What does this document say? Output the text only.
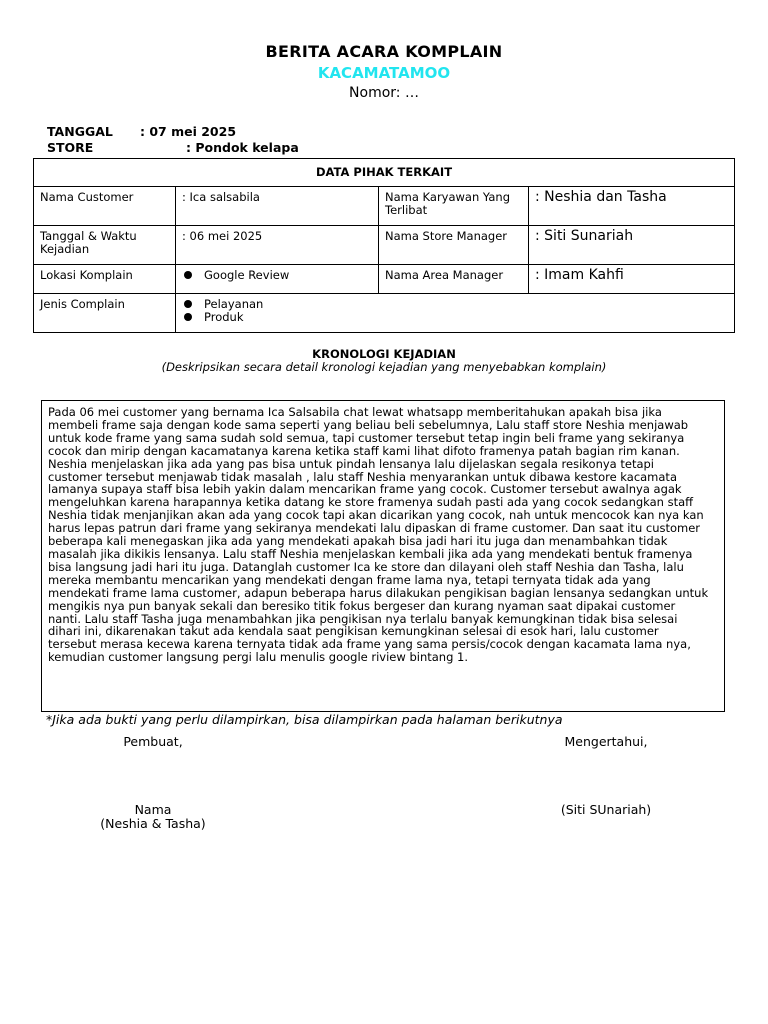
BERITA ACARA KOMPLAIN
KACAMATAMOO
Nomor: …
TANGGAL : 07 mei 2025
STORE	: Pondok kelapa
DATA PIHAK TERKAIT			
Nama Customer	: Ica salsabila	Nama Karyawan Yang Terlibat	: Neshia dan Tasha
Tanggal & Waktu Kejadian	: 06 mei 2025	Nama Store Manager	: Siti Sunariah
Lokasi Komplain	Google Review	Nama Area Manager	: Imam Kahfi
Jenis Complain	Pelayanan
Produk		
KRONOLOGI KEJADIAN
(Deskripsikan secara detail kronologi kejadian yang menyebabkan komplain)
Pada 06 mei customer yang bernama Ica Salsabila chat lewat whatsapp memberitahukan apakah bisa jika
membeli frame saja dengan kode sama seperti yang beliau beli sebelumnya, Lalu staff store Neshia menjawab
untuk kode frame yang sama sudah sold semua, tapi customer tersebut tetap ingin beli frame yang sekiranya
cocok dan mirip dengan kacamatanya karena ketika staff kami lihat difoto framenya patah bagian rim kanan.
Neshia menjelaskan jika ada yang pas bisa untuk pindah lensanya lalu dijelaskan segala resikonya tetapi
customer tersebut menjawab tidak masalah , lalu staff Neshia menyarankan untuk dibawa kestore kacamata
lamanya supaya staff bisa lebih yakin dalam mencarikan frame yang cocok. Customer tersebut awalnya agak
mengeluhkan karena harapannya ketika datang ke store framenya sudah pasti ada yang cocok sedangkan staff
Neshia tidak menjanjikan akan ada yang cocok tapi akan dicarikan yang cocok, nah untuk mencocok kan nya kan
harus lepas patrun dari frame yang sekiranya mendekati lalu dipaskan di frame customer. Dan saat itu customer
beberapa kali menegaskan jika ada yang mendekati apakah bisa jadi hari itu juga dan menambahkan tidak
masalah jika dikikis lensanya. Lalu staff Neshia menjelaskan kembali jika ada yang mendekati bentuk framenya
bisa langsung jadi hari itu juga. Datanglah customer Ica ke store dan dilayani oleh staff Neshia dan Tasha, lalu
mereka membantu mencarikan yang mendekati dengan frame lama nya, tetapi ternyata tidak ada yang
mendekati frame lama customer, adapun beberapa harus dilakukan pengikisan bagian lensanya sedangkan untuk
mengikis nya pun banyak sekali dan beresiko titik fokus bergeser dan kurang nyaman saat dipakai customer
nanti. Lalu staff Tasha juga menambahkan jika pengikisan nya terlalu banyak kemungkinan tidak bisa selesai
dihari ini, dikarenakan takut ada kendala saat pengikisan kemungkinan selesai di esok hari, lalu customer
tersebut merasa kecewa karena ternyata tidak ada frame yang sama persis/cocok dengan kacamata lama nya,
kemudian customer langsung pergi lalu menulis google riview bintang 1.
*Jika ada bukti yang perlu dilampirkan, bisa dilampirkan pada halaman berikutnya
Pembuat,	Mengertahui,
Nama
(Neshia & Tasha)
(Siti SUnariah)
